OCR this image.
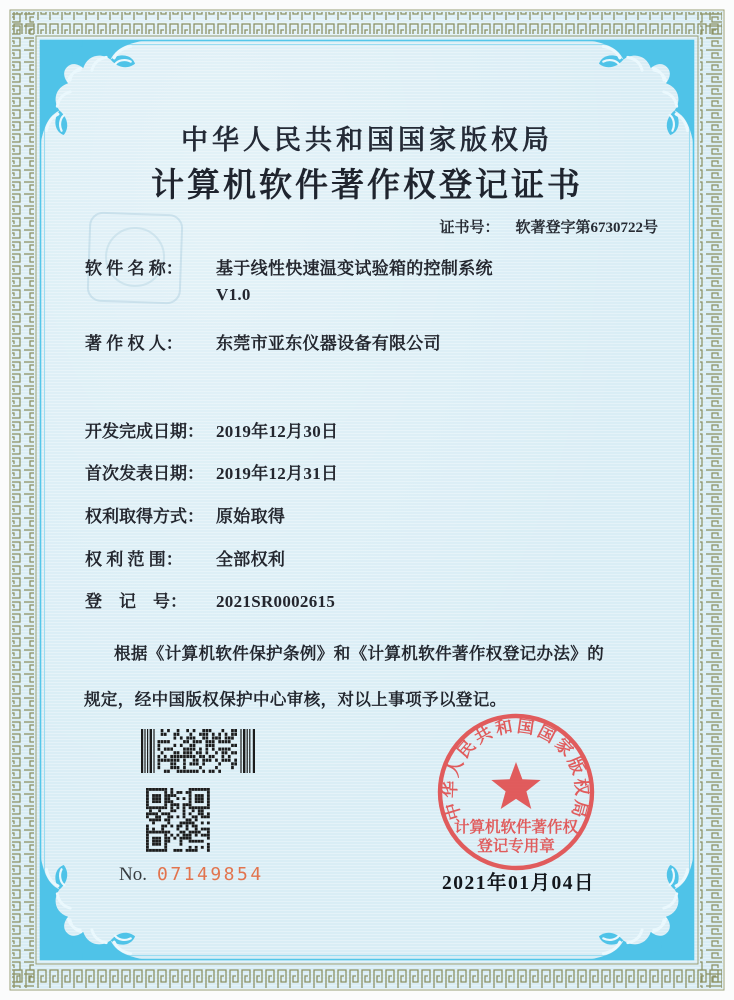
中华人民共和国国家版权局
计算机软件著作权登记证书
证书号： 软著登字第6730722号
软 件 名 称：	基于线性快速温变试验箱的控制系统
V1.0
著 作 权 人：	东莞市亚东仪器设备有限公司
开发完成日期： 2019年12月30日
首次发表日期： 2019年12月31日
权利取得方式： 原始取得
权 利 范 围：	全部权利
登　记　号：	2021SR0002615
根据《计算机软件保护条例》和《计算机软件著作权登记办法》的
规定，经中国版权保护中心审核，对以上事项予以登记。
No. 07149854
中华人民共和国国家版权局
计算机软件著作权
登记专用章
2021年01月04日
